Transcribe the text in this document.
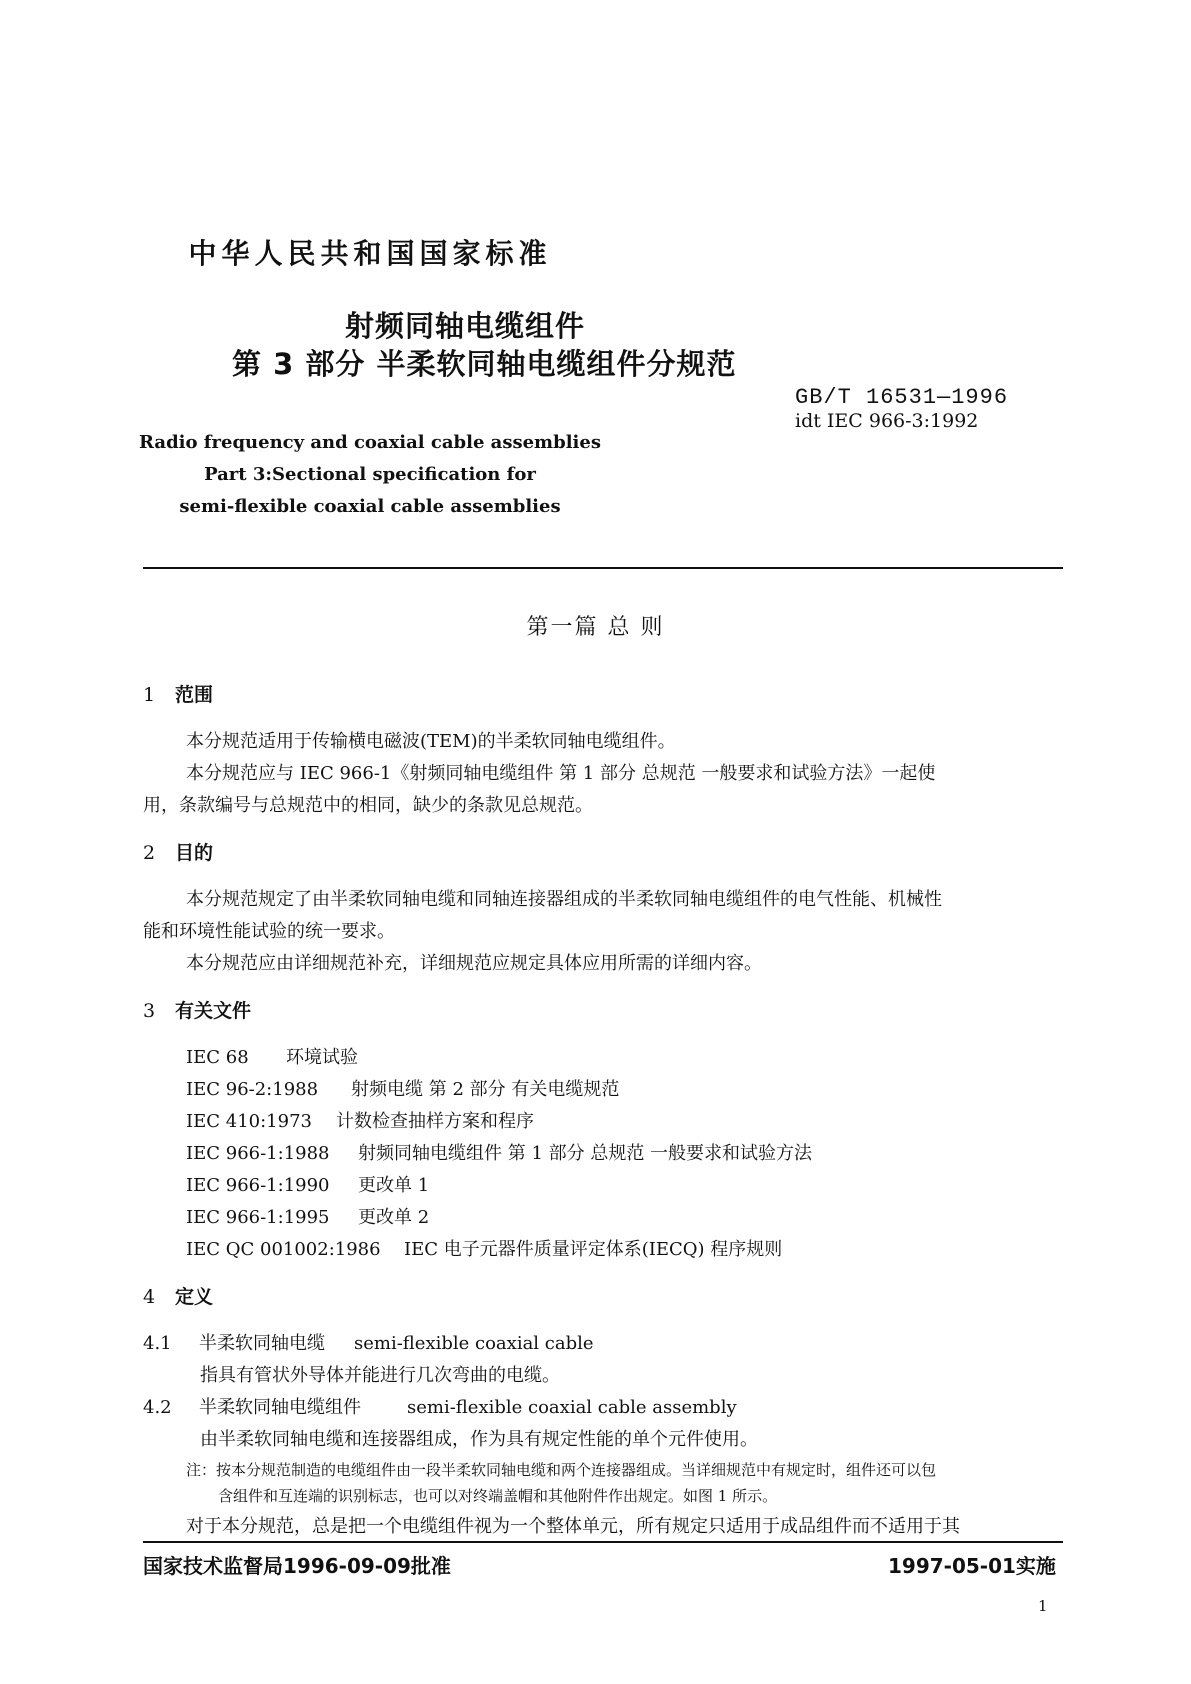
中华人民共和国国家标准
射频同轴电缆组件
第 3 部分 半柔软同轴电缆组件分规范
GB/T 16531—1996
idt IEC 966-3:1992
Radio frequency and coaxial cable assemblies
Part 3:Sectional specification for
semi-flexible coaxial cable assemblies
第一篇 总 则
1 范围
本分规范适用于传输横电磁波(TEM)的半柔软同轴电缆组件。
本分规范应与 IEC 966-1《射频同轴电缆组件 第 1 部分 总规范 一般要求和试验方法》一起使
用，条款编号与总规范中的相同，缺少的条款见总规范。
2 目的
本分规范规定了由半柔软同轴电缆和同轴连接器组成的半柔软同轴电缆组件的电气性能、机械性
能和环境性能试验的统一要求。
本分规范应由详细规范补充，详细规范应规定具体应用所需的详细内容。
3 有关文件
IEC 68 环境试验
IEC 96-2:1988 射频电缆 第 2 部分 有关电缆规范
IEC 410:1973 计数检查抽样方案和程序
IEC 966-1:1988 射频同轴电缆组件 第 1 部分 总规范 一般要求和试验方法
IEC 966-1:1990 更改单 1
IEC 966-1:1995 更改单 2
IEC QC 001002:1986 IEC 电子元器件质量评定体系(IECQ) 程序规则
4 定义
4.1 半柔软同轴电缆 semi-flexible coaxial cable
指具有管状外导体并能进行几次弯曲的电缆。
4.2 半柔软同轴电缆组件	semi-flexible coaxial cable assembly
由半柔软同轴电缆和连接器组成，作为具有规定性能的单个元件使用。
注：按本分规范制造的电缆组件由一段半柔软同轴电缆和两个连接器组成。当详细规范中有规定时，组件还可以包
含组件和互连端的识别标志，也可以对终端盖帽和其他附件作出规定。如图 1 所示。
对于本分规范，总是把一个电缆组件视为一个整体单元，所有规定只适用于成品组件而不适用于其
国家技术监督局1996-09-09批准	1997-05-01实施
1
